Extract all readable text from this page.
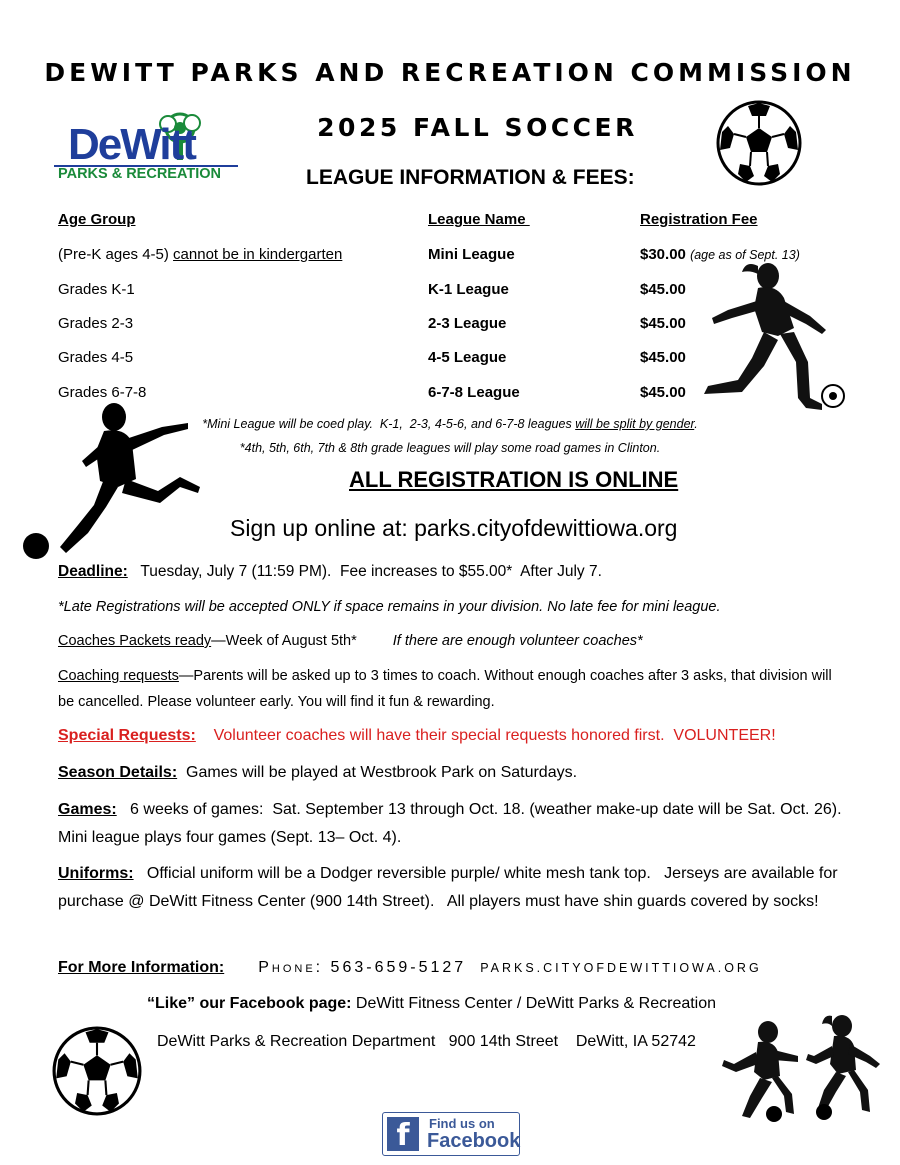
DEWITT PARKS AND RECREATION COMMISSION
2025 FALL SOCCER
LEAGUE INFORMATION & FEES:
DeWitt
PARKS & RECREATION
Age Group	League Name	Registration Fee
(Pre-K ages 4-5) cannot be in kindergarten	Mini League	$30.00 (age as of Sept. 13)
Grades K-1	K-1 League	$45.00
Grades 2-3	2-3 League	$45.00
Grades 4-5	4-5 League	$45.00
Grades 6-7-8	6-7-8 League	$45.00
*Mini League will be coed play.  K-1,  2-3, 4-5-6, and 6-7-8 leagues will be split by gender.
*4th, 5th, 6th, 7th & 8th grade leagues will play some road games in Clinton.
ALL REGISTRATION IS ONLINE
Sign up online at: parks.cityofdewittiowa.org
Deadline:   Tuesday, July 7 (11:59 PM).  Fee increases to $55.00*  After July 7.
*Late Registrations will be accepted ONLY if space remains in your division. No late fee for mini league.
Coaches Packets ready—Week of August 5th* If there are enough volunteer coaches*
Coaching requests—Parents will be asked up to 3 times to coach. Without enough coaches after 3 asks, that division will be cancelled. Please volunteer early. You will find it fun & rewarding.
Special Requests:    Volunteer coaches will have their special requests honored first.  VOLUNTEER!
Season Details:  Games will be played at Westbrook Park on Saturdays.
Games:   6 weeks of games:  Sat. September 13 through Oct. 18. (weather make-up date will be Sat. Oct. 26).  Mini league plays four games (Sept. 13– Oct. 4).
Uniforms:   Official uniform will be a Dodger reversible purple/ white mesh tank top.   Jerseys are available for purchase @ DeWitt Fitness Center (900 14th Street).   All players must have shin guards covered by socks!
For More Information: Phone: 563-659-5127 PARKS.CITYOFDEWITTIOWA.ORG
“Like” our Facebook page: DeWitt Fitness Center / DeWitt Parks & Recreation
DeWitt Parks & Recreation Department   900 14th Street    DeWitt, IA 52742
f	Find us on
Facebook
